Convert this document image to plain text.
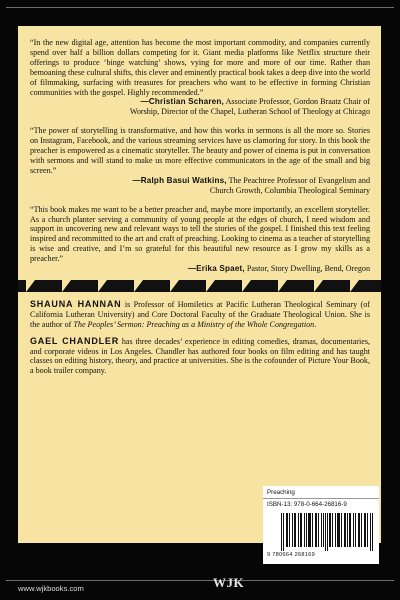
“In the new digital age, attention has become the most important commodity, and companies currently spend over half a billion dollars competing for it. Giant media platforms like Netflix structure their offerings to produce ‘binge watching’ shows, vying for more and more of our time. Rather than bemoaning these cultural shifts, this clever and eminently practical book takes a deep dive into the world of filmmaking, surfacing with treasures for preachers who want to be effective in forming Christian communities with the gospel. Highly recommended.”

—Christian Scharen, Associate Professor, Gordon Braatz Chair of
Worship, Director of the Chapel, Lutheran School of Theology at Chicago

“The power of storytelling is transformative, and how this works in sermons is all the more so. Stories on Instagram, Facebook, and the various streaming services have us clamoring for story. In this book the preacher is empowered as a cinematic storyteller. The beauty and power of cinema is put in conversation with sermons and will stand to make us more effective communicators in the age of the small and big screen.”

—Ralph Basui Watkins, The Peachtree Professor of Evangelism and
Church Growth, Columbia Theological Seminary

“This book makes me want to be a better preacher and, maybe more importantly, an excellent storyteller. As a church planter serving a community of young people at the edges of church, I need wisdom and support in uncovering new and relevant ways to tell the stories of the gospel. I finished this text feeling inspired and recommitted to the art and craft of preaching. Looking to cinema as a teacher of storytelling is wise and creative, and I’m so grateful for this beautiful new resource as I grow my skills as a preacher.”

—Erika Spaet, Pastor, Story Dwelling, Bend, Oregon

SHAUNA HANNAN is Professor of Homiletics at Pacific Lutheran Theological Seminary (of California Lutheran University) and Core Doctoral Faculty of the Graduate Theological Union. She is the author of The Peoples’ Sermon: Preaching as a Ministry of the Whole Congregation.

GAEL CHANDLER has three decades’ experience in editing comedies, dramas, documentaries, and corporate videos in Los Angeles. Chandler has authored four books on film editing and has taught classes on editing history, theory, and practice at universities. She is the cofounder of Picture Your Book, a book trailer company.

Preaching
ISBN-13: 978-0-664-26816-9
9 780664 268169
www.wjkbooks.com	WJK
